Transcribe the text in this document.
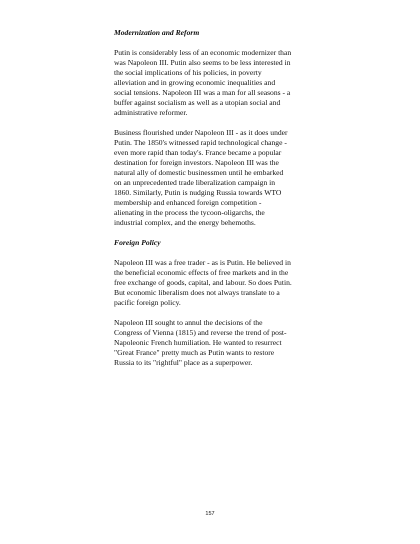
Modernization and Reform
Putin is considerably less of an economic modernizer than
was Napoleon III. Putin also seems to be less interested in
the social implications of his policies, in poverty
alleviation and in growing economic inequalities and
social tensions. Napoleon III was a man for all seasons - a
buffer against socialism as well as a utopian social and
administrative reformer.
Business flourished under Napoleon III - as it does under
Putin. The 1850's witnessed rapid technological change -
even more rapid than today's. France became a popular
destination for foreign investors. Napoleon III was the
natural ally of domestic businessmen until he embarked
on an unprecedented trade liberalization campaign in
1860. Similarly, Putin is nudging Russia towards WTO
membership and enhanced foreign competition -
alienating in the process the tycoon-oligarchs, the
industrial complex, and the energy behemoths.
Foreign Policy
Napoleon III was a free trader - as is Putin. He believed in
the beneficial economic effects of free markets and in the
free exchange of goods, capital, and labour. So does Putin.
But economic liberalism does not always translate to a
pacific foreign policy.
Napoleon III sought to annul the decisions of the
Congress of Vienna (1815) and reverse the trend of post-
Napoleonic French humiliation. He wanted to resurrect
"Great France" pretty much as Putin wants to restore
Russia to its "rightful" place as a superpower.
157
